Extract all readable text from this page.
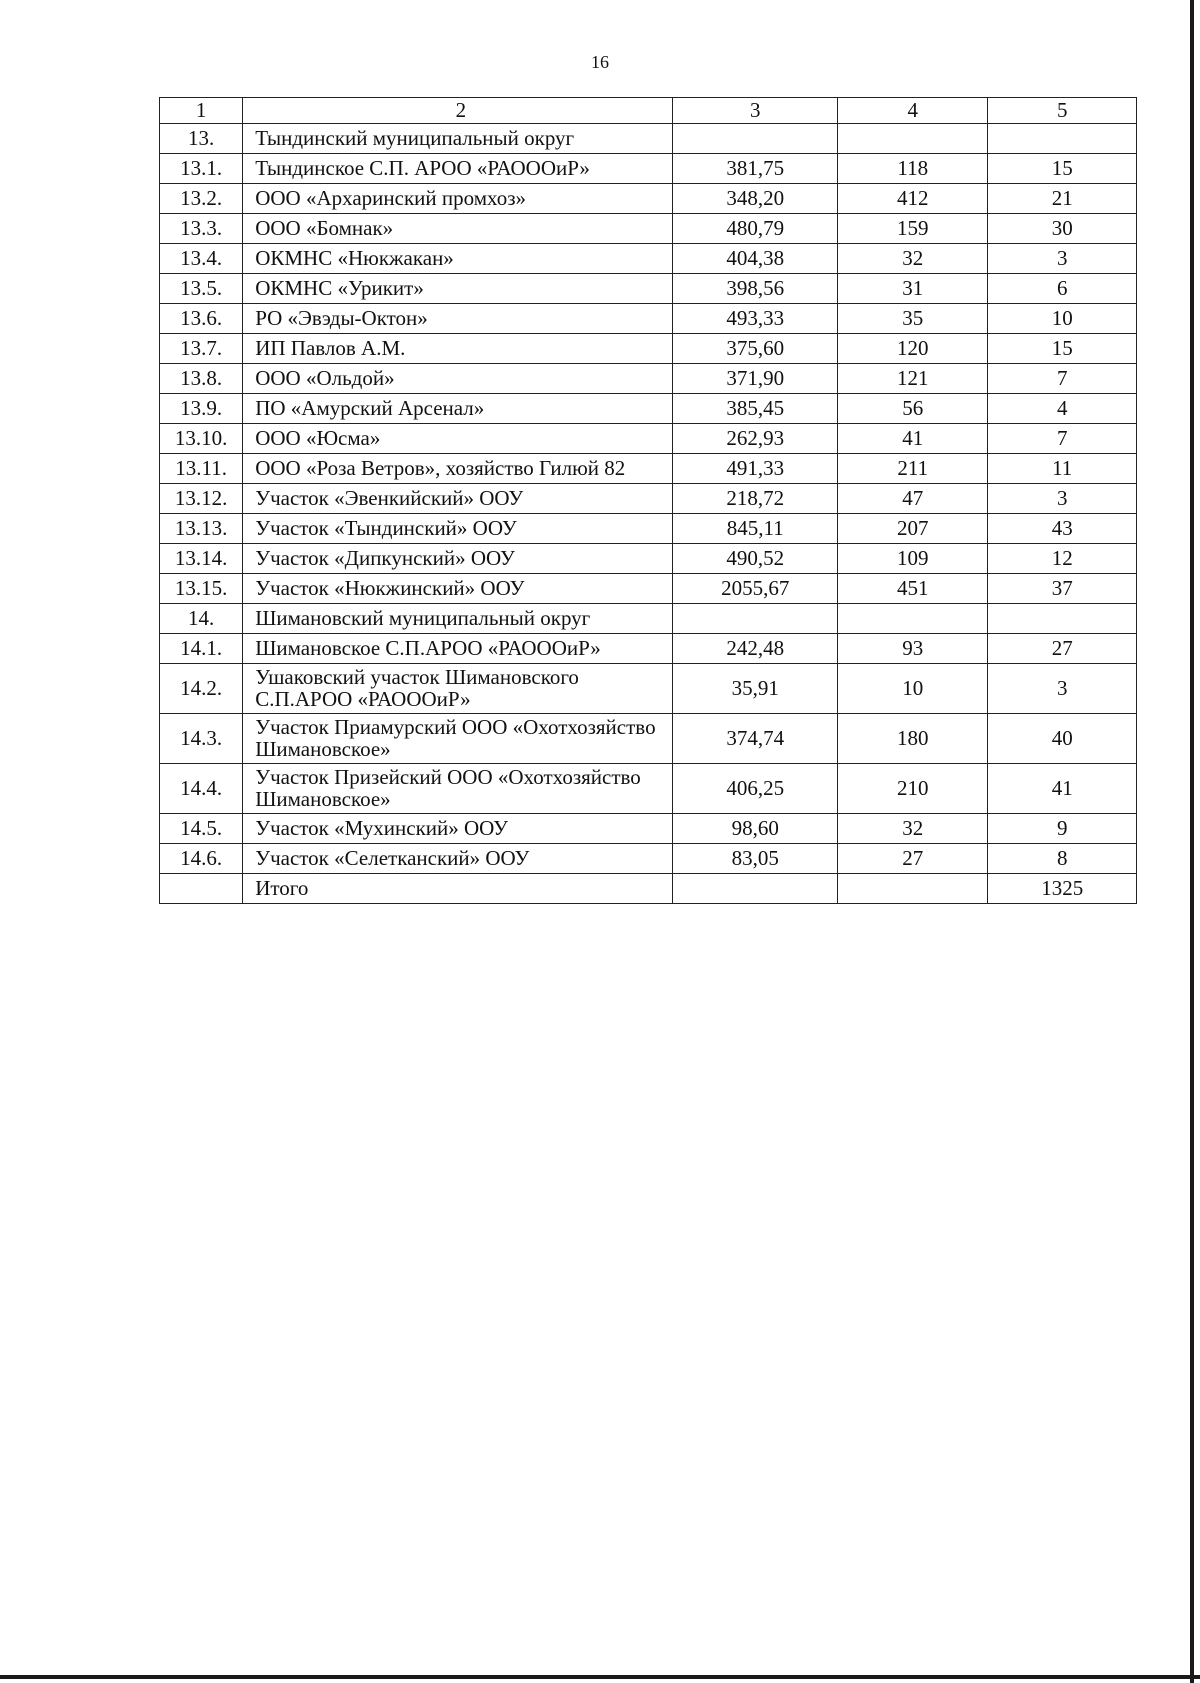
16
1	2	3	4	5
13.	Тындинский муниципальный округ			
13.1.	Тындинское С.П. АРОО «РАОООиР»	381,75	118	15
13.2.	ООО «Архаринский промхоз»	348,20	412	21
13.3.	ООО «Бомнак»	480,79	159	30
13.4.	ОКМНС «Нюкжакан»	404,38	32	3
13.5.	ОКМНС «Урикит»	398,56	31	6
13.6.	РО «Эвэды-Октон»	493,33	35	10
13.7.	ИП Павлов А.М.	375,60	120	15
13.8.	ООО «Ольдой»	371,90	121	7
13.9.	ПО «Амурский Арсенал»	385,45	56	4
13.10.	ООО «Юсма»	262,93	41	7
13.11.	ООО «Роза Ветров», хозяйство Гилюй 82	491,33	211	11
13.12.	Участок «Эвенкийский» ООУ	218,72	47	3
13.13.	Участок «Тындинский» ООУ	845,11	207	43
13.14.	Участок «Дипкунский» ООУ	490,52	109	12
13.15.	Участок «Нюкжинский» ООУ	2055,67	451	37
14.	Шимановский муниципальный округ			
14.1.	Шимановское С.П.АРОО «РАОООиР»	242,48	93	27
14.2.	Ушаковский участок Шимановского С.П.АРОО «РАОООиР»	35,91	10	3
14.3.	Участок Приамурский ООО «Охотхозяйство Шимановское»	374,74	180	40
14.4.	Участок Призейский ООО «Охотхозяйство Шимановское»	406,25	210	41
14.5.	Участок «Мухинский» ООУ	98,60	32	9
14.6.	Участок «Селетканский» ООУ	83,05	27	8
	Итого			1325
